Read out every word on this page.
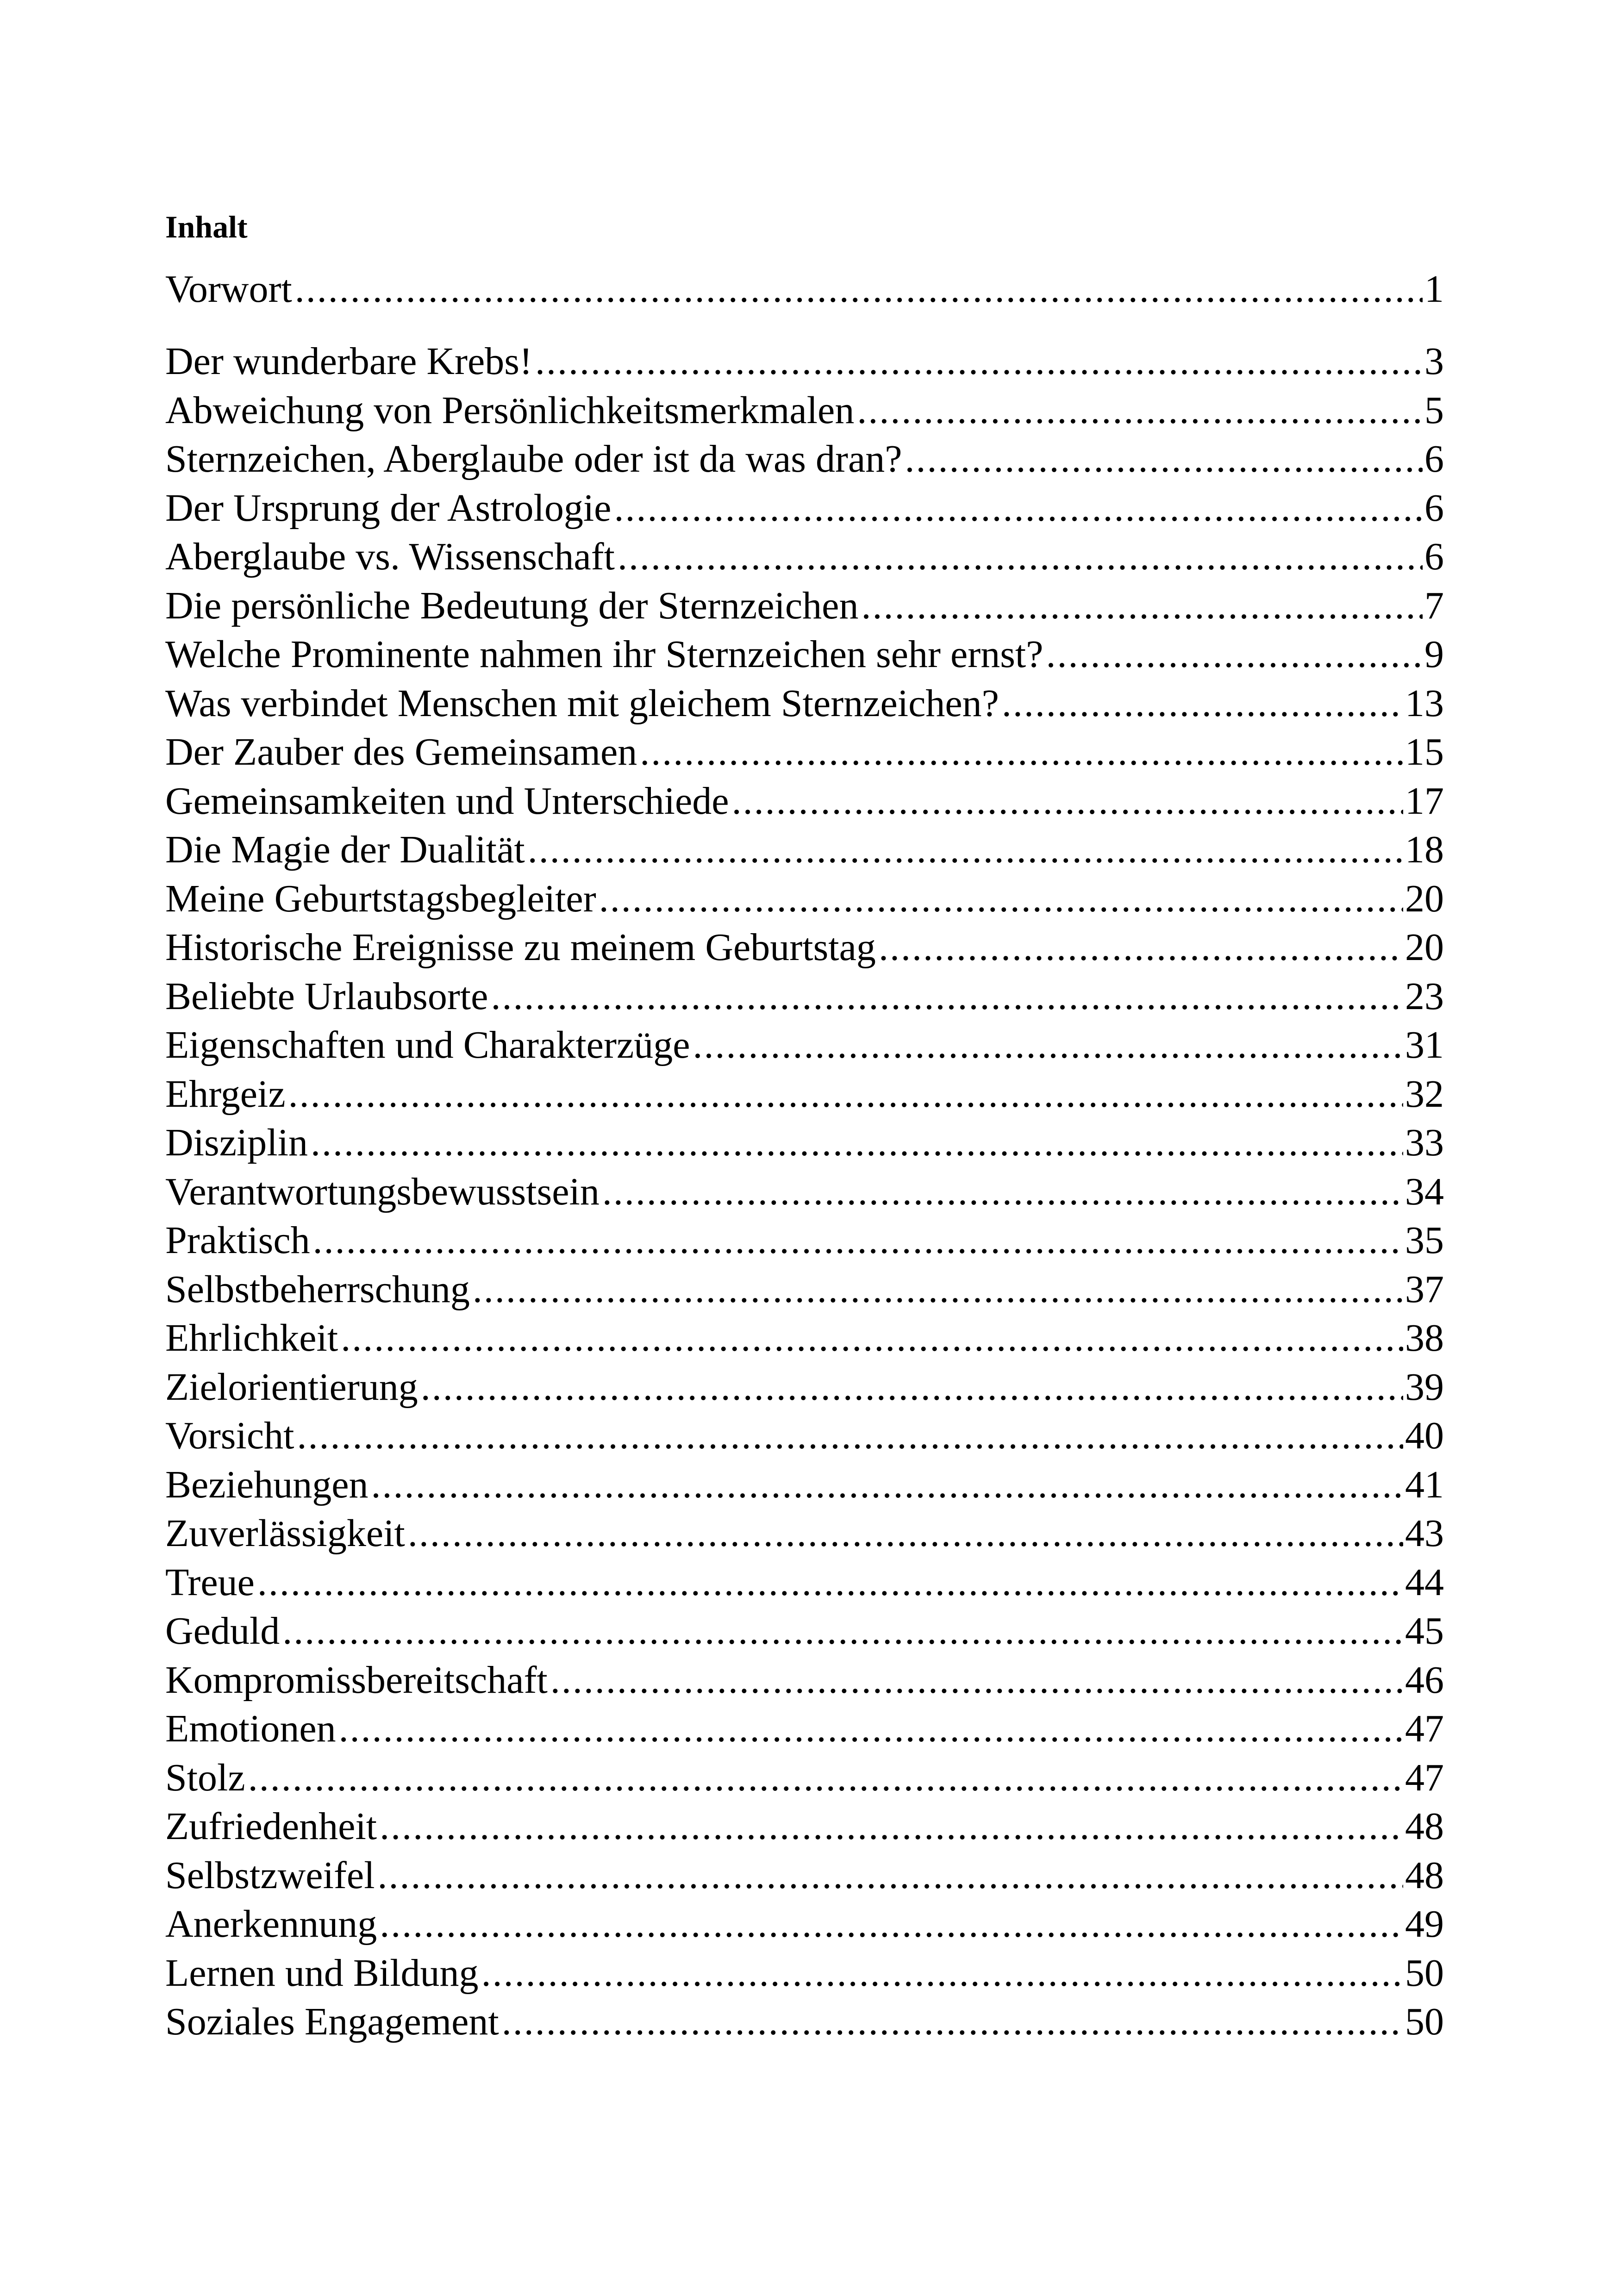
Inhalt
Vorwort .....	1
Der wunderbare Krebs! .....	3
Abweichung von Persönlichkeitsmerkmalen .....	5
Sternzeichen, Aberglaube oder ist da was dran? .....	6
Der Ursprung der Astrologie .....	6
Aberglaube vs. Wissenschaft .....	6
Die persönliche Bedeutung der Sternzeichen .....	7
Welche Prominente nahmen ihr Sternzeichen sehr ernst? .....	9
Was verbindet Menschen mit gleichem Sternzeichen? .....	13
Der Zauber des Gemeinsamen .....	15
Gemeinsamkeiten und Unterschiede .....	17
Die Magie der Dualität .....	18
Meine Geburtstagsbegleiter .....	20
Historische Ereignisse zu meinem Geburtstag .....	20
Beliebte Urlaubsorte .....	23
Eigenschaften und Charakterzüge .....	31
Ehrgeiz .....	32
Disziplin .....	33
Verantwortungsbewusstsein .....	34
Praktisch .....	35
Selbstbeherrschung .....	37
Ehrlichkeit .....	38
Zielorientierung .....	39
Vorsicht .....	40
Beziehungen .....	41
Zuverlässigkeit .....	43
Treue .....	44
Geduld .....	45
Kompromissbereitschaft .....	46
Emotionen .....	47
Stolz .....	47
Zufriedenheit .....	48
Selbstzweifel .....	48
Anerkennung .....	49
Lernen und Bildung .....	50
Soziales Engagement .....	50
